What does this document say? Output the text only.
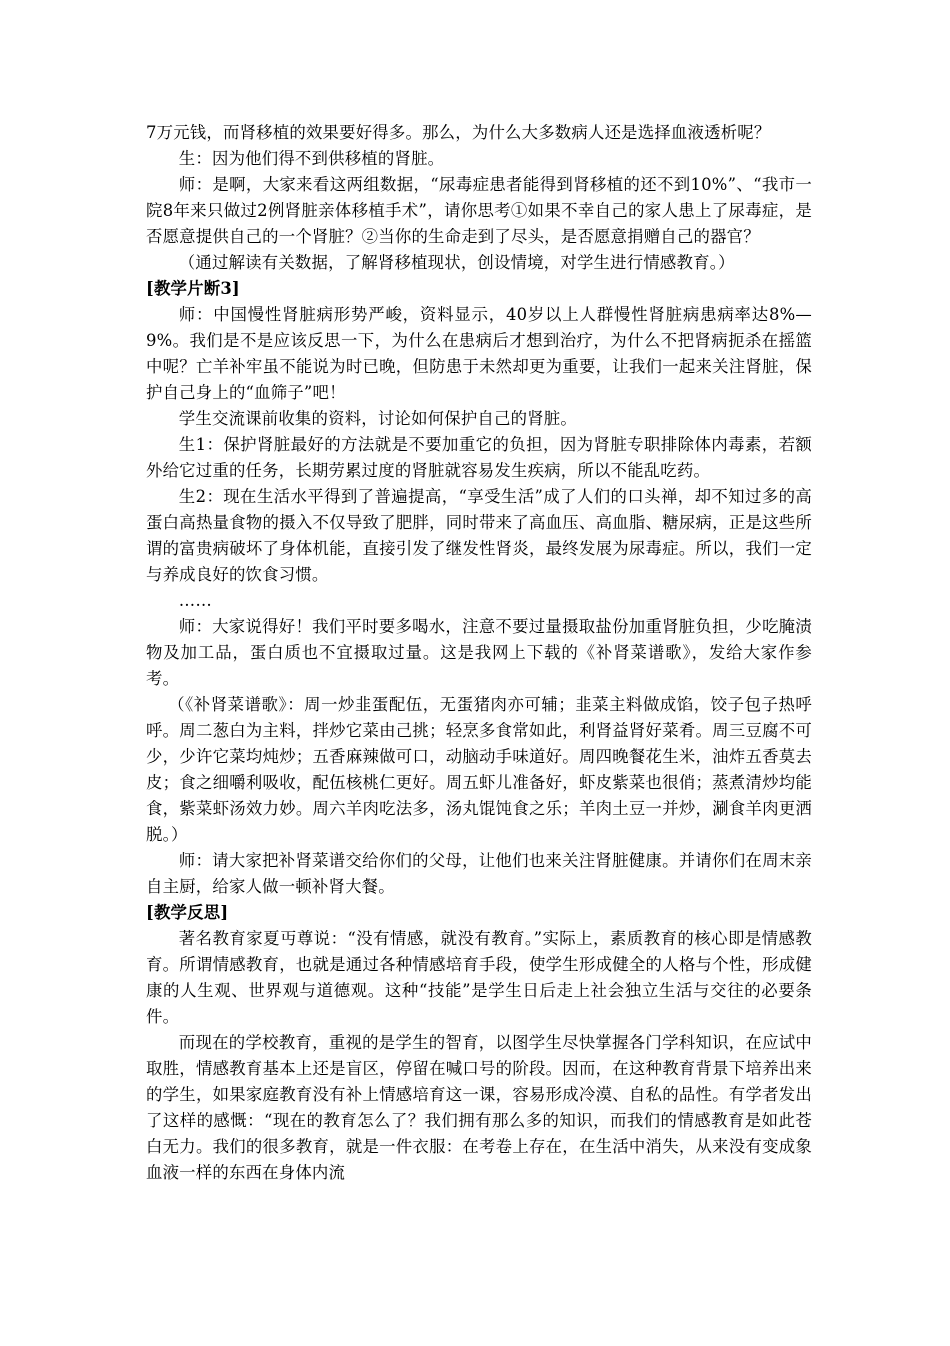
7万元钱，而肾移植的效果要好得多。那么，为什么大多数病人还是选择血液透析呢？

生：因为他们得不到供移植的肾脏。

师：是啊，大家来看这两组数据，“尿毒症患者能得到肾移植的还不到10%”、“我市一院8年来只做过2例肾脏亲体移植手术”，请你思考①如果不幸自己的家人患上了尿毒症，是否愿意提供自己的一个肾脏？②当你的生命走到了尽头，是否愿意捐赠自己的器官？

（通过解读有关数据，了解肾移植现状，创设情境，对学生进行情感教育。）

[教学片断3]

师：中国慢性肾脏病形势严峻，资料显示，40岁以上人群慢性肾脏病患病率达8%—9%。我们是不是应该反思一下，为什么在患病后才想到治疗，为什么不把肾病扼杀在摇篮中呢？亡羊补牢虽不能说为时已晚，但防患于未然却更为重要，让我们一起来关注肾脏，保护自己身上的“血筛子”吧！

学生交流课前收集的资料，讨论如何保护自己的肾脏。

生1：保护肾脏最好的方法就是不要加重它的负担，因为肾脏专职排除体内毒素，若额外给它过重的任务，长期劳累过度的肾脏就容易发生疾病，所以不能乱吃药。

生2：现在生活水平得到了普遍提高，“享受生活”成了人们的口头禅，却不知过多的高蛋白高热量食物的摄入不仅导致了肥胖，同时带来了高血压、高血脂、糖尿病，正是这些所谓的富贵病破坏了身体机能，直接引发了继发性肾炎，最终发展为尿毒症。所以，我们一定与养成良好的饮食习惯。

……

师：大家说得好！我们平时要多喝水，注意不要过量摄取盐份加重肾脏负担，少吃腌渍物及加工品，蛋白质也不宜摄取过量。这是我网上下载的《补肾菜谱歌》，发给大家作参考。

（《补肾菜谱歌》：周一炒韭蛋配伍，无蛋猪肉亦可辅；韭菜主料做成馅，饺子包子热呼呼。周二葱白为主料，拌炒它菜由己挑；轻烹多食常如此，利肾益肾好菜肴。周三豆腐不可少，少许它菜均炖炒；五香麻辣做可口，动脑动手味道好。周四晚餐花生米，油炸五香莫去皮；食之细嚼利吸收，配伍核桃仁更好。周五虾儿准备好，虾皮紫菜也很俏；蒸煮清炒均能食，紫菜虾汤效力妙。周六羊肉吃法多，汤丸馄饨食之乐；羊肉土豆一并炒，涮食羊肉更洒脱。）

师：请大家把补肾菜谱交给你们的父母，让他们也来关注肾脏健康。并请你们在周末亲自主厨，给家人做一顿补肾大餐。

[教学反思]

著名教育家夏丏尊说：“没有情感，就没有教育。”实际上，素质教育的核心即是情感教育。所谓情感教育，也就是通过各种情感培育手段，使学生形成健全的人格与个性，形成健康的人生观、世界观与道德观。这种“技能”是学生日后走上社会独立生活与交往的必要条件。

而现在的学校教育，重视的是学生的智育，以图学生尽快掌握各门学科知识，在应试中取胜，情感教育基本上还是盲区，停留在喊口号的阶段。因而，在这种教育背景下培养出来的学生，如果家庭教育没有补上情感培育这一课，容易形成冷漠、自私的品性。有学者发出了这样的感慨：“现在的教育怎么了？我们拥有那么多的知识，而我们的情感教育是如此苍白无力。我们的很多教育，就是一件衣服：在考卷上存在，在生活中消失，从来没有变成象血液一样的东西在身体内流
